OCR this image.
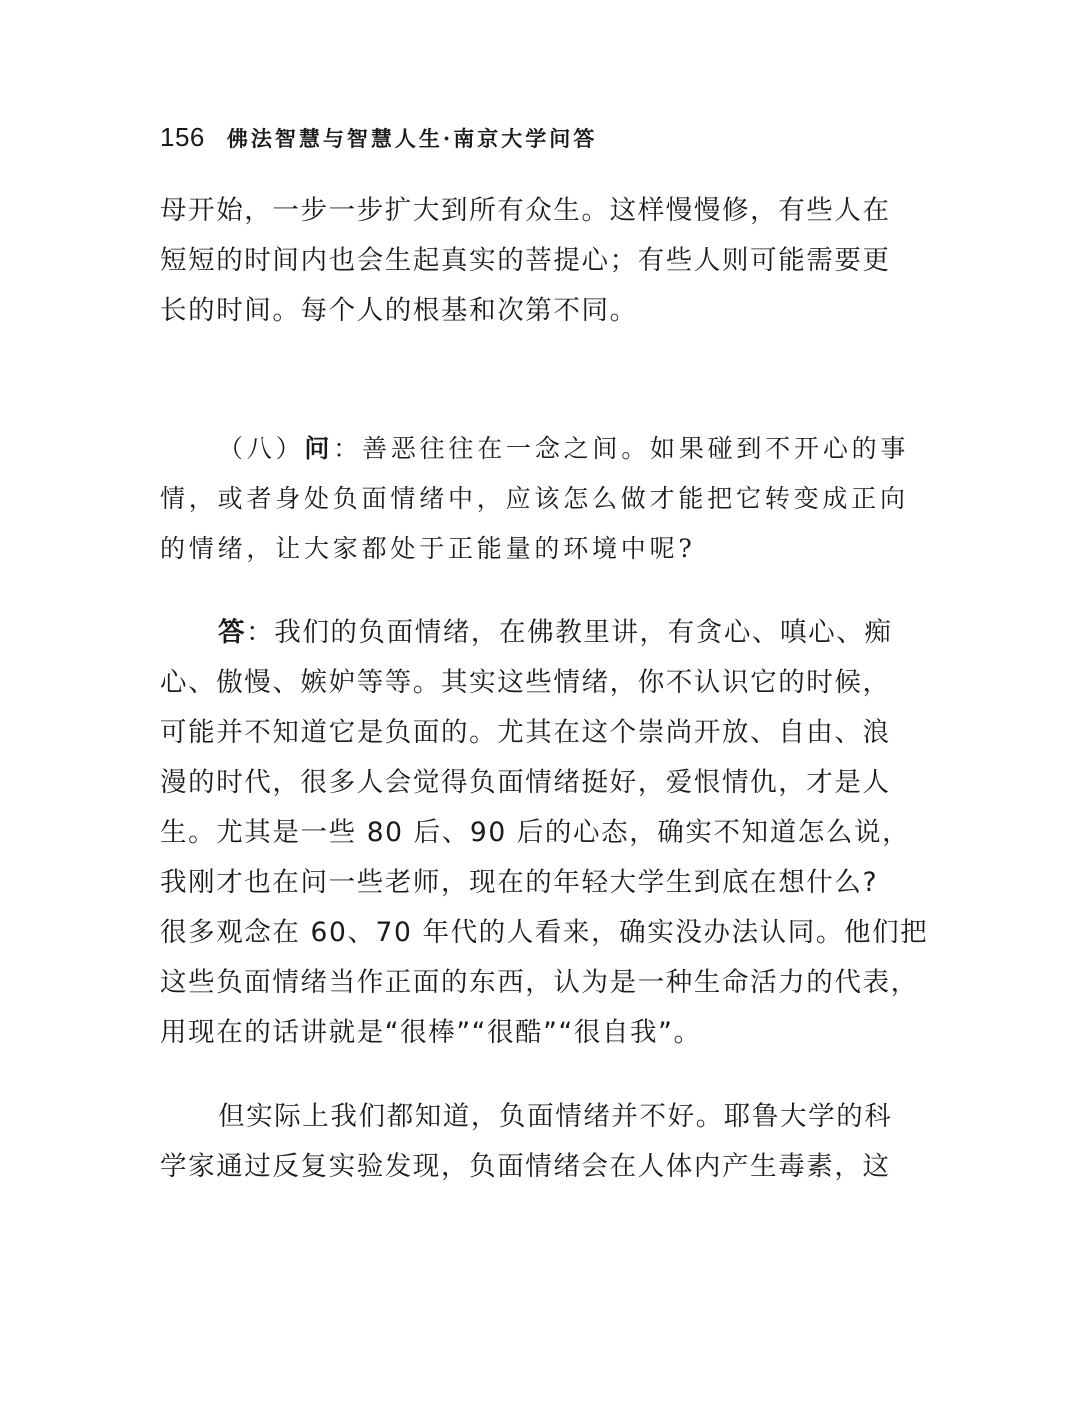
156 佛法智慧与智慧人生·南京大学问答
母开始，一步一步扩大到所有众生。这样慢慢修，有些人在
短短的时间内也会生起真实的菩提心；有些人则可能需要更
长的时间。每个人的根基和次第不同。
（八）问：善恶往往在一念之间。如果碰到不开心的事
情，或者身处负面情绪中，应该怎么做才能把它转变成正向
的情绪，让大家都处于正能量的环境中呢?
答：我们的负面情绪，在佛教里讲，有贪心、嗔心、痴
心、傲慢、嫉妒等等。其实这些情绪，你不认识它的时候，
可能并不知道它是负面的。尤其在这个崇尚开放、自由、浪
漫的时代，很多人会觉得负面情绪挺好，爱恨情仇，才是人
生。尤其是一些 80 后、90 后的心态，确实不知道怎么说，
我刚才也在问一些老师，现在的年轻大学生到底在想什么?
很多观念在 60、70 年代的人看来，确实没办法认同。他们把
这些负面情绪当作正面的东西，认为是一种生命活力的代表，
用现在的话讲就是“很棒”“很酷”“很自我”。
但实际上我们都知道，负面情绪并不好。耶鲁大学的科
学家通过反复实验发现，负面情绪会在人体内产生毒素，这
